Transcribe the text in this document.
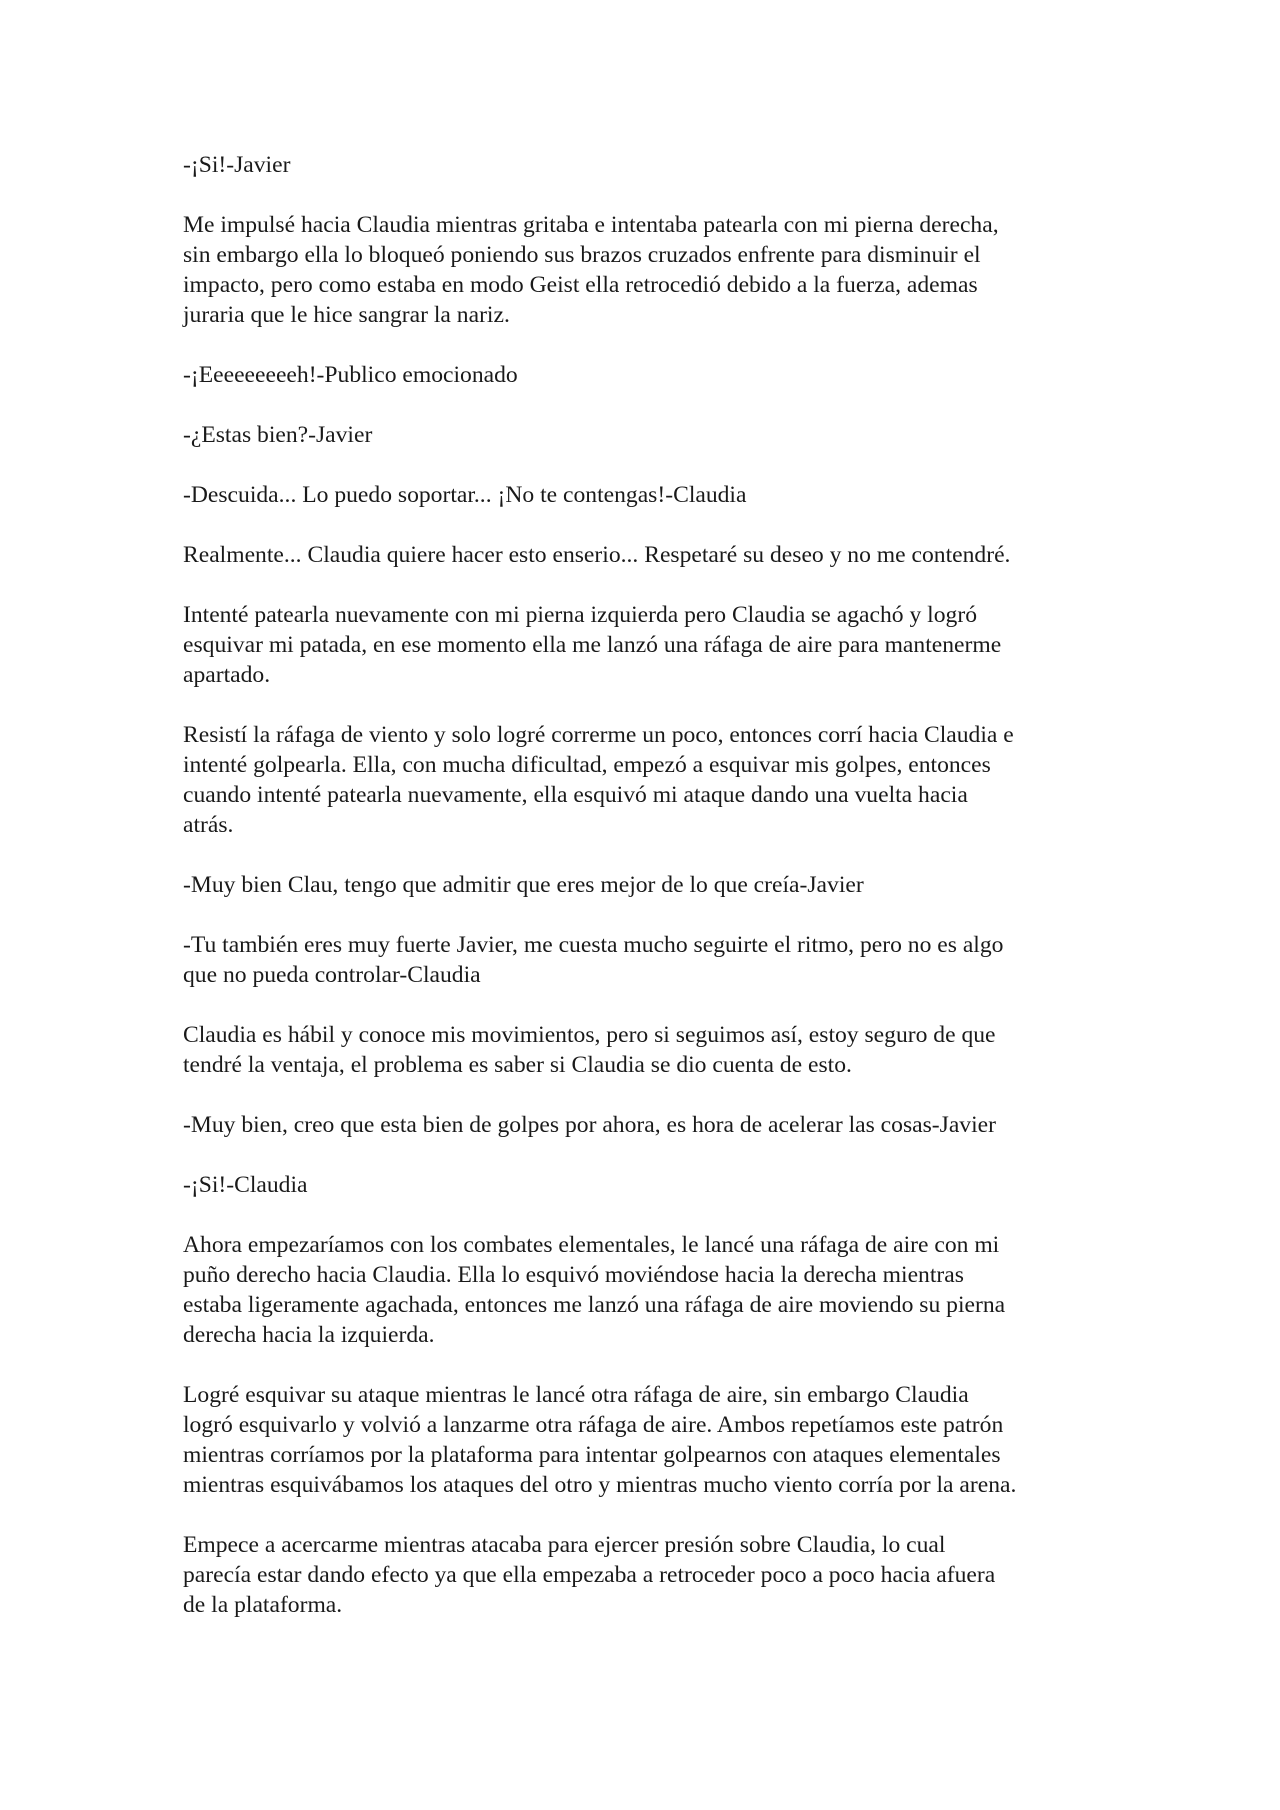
-¡Si!-Javier

Me impulsé hacia Claudia mientras gritaba e intentaba patearla con mi pierna derecha,
sin embargo ella lo bloqueó poniendo sus brazos cruzados enfrente para disminuir el
impacto, pero como estaba en modo Geist ella retrocedió debido a la fuerza, ademas
juraria que le hice sangrar la nariz.

-¡Eeeeeeeeeh!-Publico emocionado

-¿Estas bien?-Javier

-Descuida... Lo puedo soportar... ¡No te contengas!-Claudia

Realmente... Claudia quiere hacer esto enserio... Respetaré su deseo y no me contendré.

Intenté patearla nuevamente con mi pierna izquierda pero Claudia se agachó y logró
esquivar mi patada, en ese momento ella me lanzó una ráfaga de aire para mantenerme
apartado.

Resistí la ráfaga de viento y solo logré correrme un poco, entonces corrí hacia Claudia e
intenté golpearla. Ella, con mucha dificultad, empezó a esquivar mis golpes, entonces
cuando intenté patearla nuevamente, ella esquivó mi ataque dando una vuelta hacia
atrás.

-Muy bien Clau, tengo que admitir que eres mejor de lo que creía-Javier

-Tu también eres muy fuerte Javier, me cuesta mucho seguirte el ritmo, pero no es algo
que no pueda controlar-Claudia

Claudia es hábil y conoce mis movimientos, pero si seguimos así, estoy seguro de que
tendré la ventaja, el problema es saber si Claudia se dio cuenta de esto.

-Muy bien, creo que esta bien de golpes por ahora, es hora de acelerar las cosas-Javier

-¡Si!-Claudia

Ahora empezaríamos con los combates elementales, le lancé una ráfaga de aire con mi
puño derecho hacia Claudia. Ella lo esquivó moviéndose hacia la derecha mientras
estaba ligeramente agachada, entonces me lanzó una ráfaga de aire moviendo su pierna
derecha hacia la izquierda.

Logré esquivar su ataque mientras le lancé otra ráfaga de aire, sin embargo Claudia
logró esquivarlo y volvió a lanzarme otra ráfaga de aire. Ambos repetíamos este patrón
mientras corríamos por la plataforma para intentar golpearnos con ataques elementales
mientras esquivábamos los ataques del otro y mientras mucho viento corría por la arena.

Empece a acercarme mientras atacaba para ejercer presión sobre Claudia, lo cual
parecía estar dando efecto ya que ella empezaba a retroceder poco a poco hacia afuera
de la plataforma.
